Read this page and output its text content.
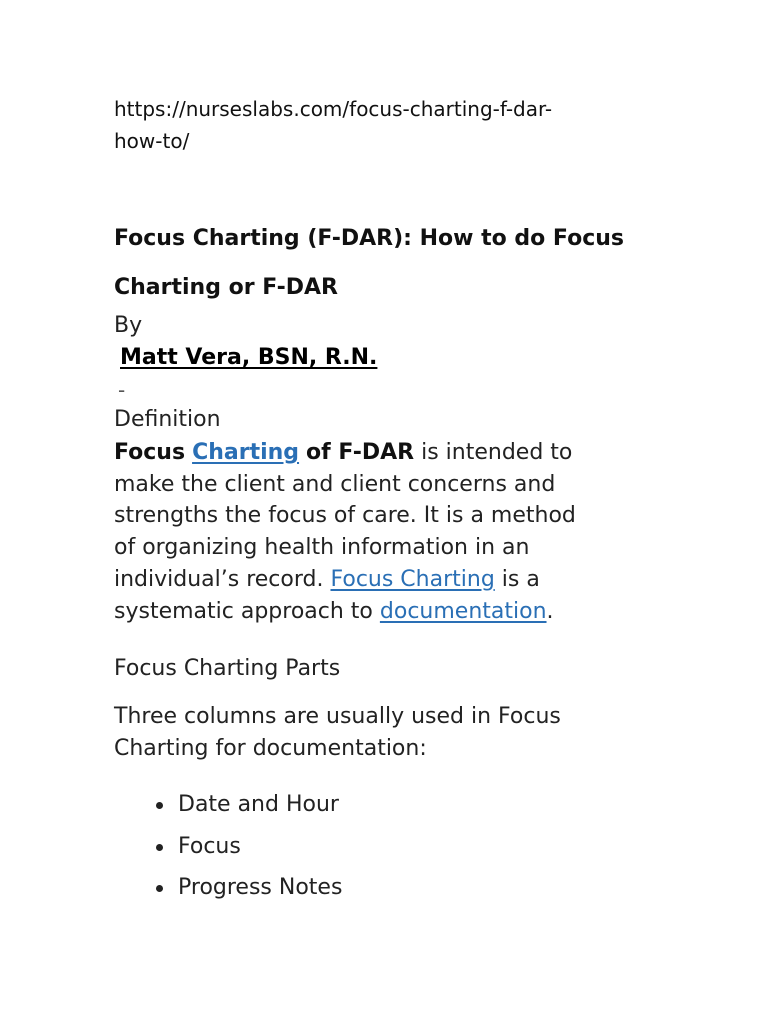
https://nurseslabs.com/focus-charting-f-dar-how-to/
Focus Charting (F-DAR): How to do Focus
Charting or F-DAR
By
Matt Vera, BSN, R.N.
-
Definition
Focus Charting of F-DAR is intended to make the client and client concerns and strengths the focus of care. It is a method of organizing health information in an individual’s record. Focus Charting is a systematic approach to documentation.
Focus Charting Parts
Three columns are usually used in Focus Charting for documentation:
Date and Hour
Focus
Progress Notes
